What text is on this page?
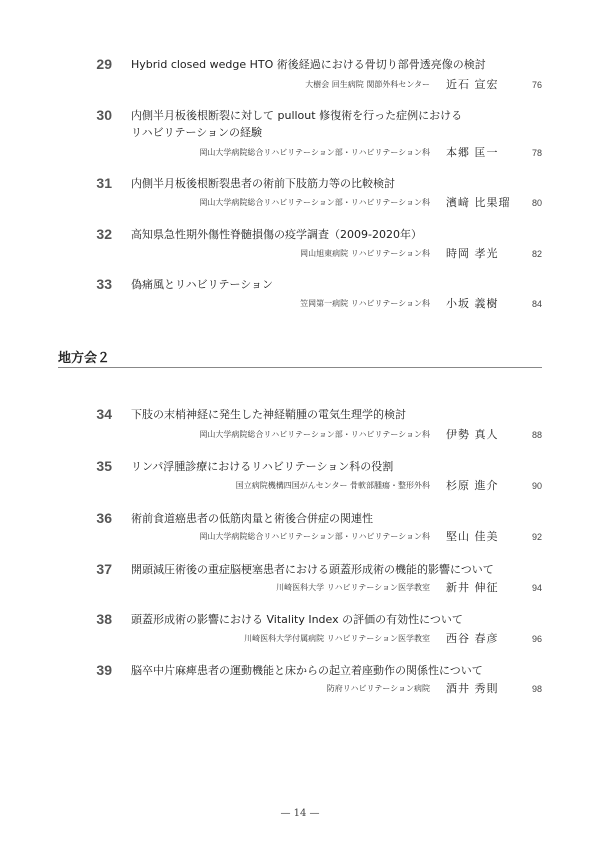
29 Hybrid closed wedge HTO 術後経過における骨切り部骨透亮像の検討
大樹会 回生病院 関節外科センター 近石 宣宏	76
30 内側半月板後根断裂に対して pullout 修復術を行った症例における
リハビリテーションの経験
岡山大学病院総合リハビリテーション部・リハビリテーション科 本郷 匡一	78
31 内側半月板後根断裂患者の術前下肢筋力等の比較検討
岡山大学病院総合リハビリテーション部・リハビリテーション科 濱﨑 比果瑠 80
32 高知県急性期外傷性脊髄損傷の疫学調査（2009-2020年）
岡山旭東病院 リハビリテーション科 時岡 孝光	82
33 偽痛風とリハビリテーション
笠岡第一病院 リハビリテーション科 小坂 義樹	84
地方会２
34 下肢の末梢神経に発生した神経鞘腫の電気生理学的検討
岡山大学病院総合リハビリテーション部・リハビリテーション科 伊勢 真人	88
35 リンパ浮腫診療におけるリハビリテーション科の役割
国立病院機構四国がんセンター 骨軟部腫瘍・整形外科 杉原 進介	90
36 術前食道癌患者の低筋肉量と術後合併症の関連性
岡山大学病院総合リハビリテーション部・リハビリテーション科 堅山 佳美	92
37 開頭減圧術後の重症脳梗塞患者における頭蓋形成術の機能的影響について
川崎医科大学 リハビリテーション医学教室 新井 伸征	94
38 頭蓋形成術の影響における Vitality Index の評価の有効性について
川崎医科大学付属病院 リハビリテーション医学教室 西谷 春彦	96
39 脳卒中片麻痺患者の運動機能と床からの起立着座動作の関係性について
防府リハビリテーション病院 酒井 秀則	98
— 14 —
